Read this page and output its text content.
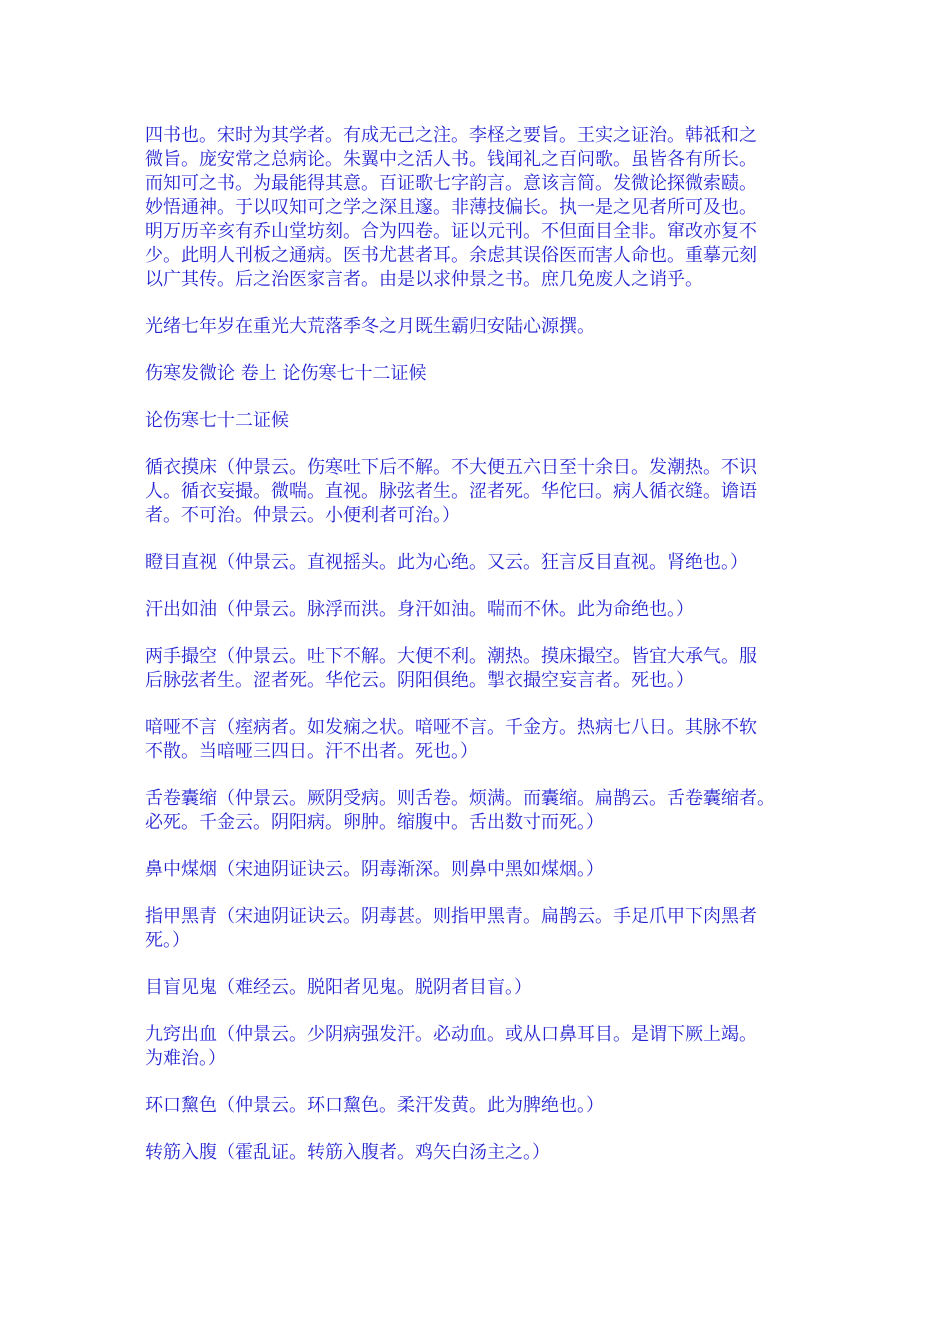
四书也。宋时为其学者。有成无己之注。李柽之要旨。王实之证治。韩祗和之
微旨。庞安常之总病论。朱翼中之活人书。钱闻礼之百问歌。虽皆各有所长。
而知可之书。为最能得其意。百证歌七字韵言。意该言简。发微论探微索赜。
妙悟通神。于以叹知可之学之深且邃。非薄技偏长。执一是之见者所可及也。
明万历辛亥有乔山堂坊刻。合为四卷。证以元刊。不但面目全非。窜改亦复不
少。此明人刊板之通病。医书尤甚者耳。余虑其误俗医而害人命也。重摹元刻
以广其传。后之治医家言者。由是以求仲景之书。庶几免废人之诮乎。
光绪七年岁在重光大荒落季冬之月既生霸归安陆心源撰。
伤寒发微论 卷上 论伤寒七十二证候
论伤寒七十二证候
循衣摸床（仲景云。伤寒吐下后不解。不大便五六日至十余日。发潮热。不识
人。循衣妄撮。微喘。直视。脉弦者生。涩者死。华佗曰。病人循衣缝。谵语
者。不可治。仲景云。小便利者可治。）
瞪目直视（仲景云。直视摇头。此为心绝。又云。狂言反目直视。肾绝也。）
汗出如油（仲景云。脉浮而洪。身汗如油。喘而不休。此为命绝也。）
两手撮空（仲景云。吐下不解。大便不利。潮热。摸床撮空。皆宜大承气。服
后脉弦者生。涩者死。华佗云。阴阳俱绝。掣衣撮空妄言者。死也。）
喑哑不言（痓病者。如发痫之状。喑哑不言。千金方。热病七八日。其脉不软
不散。当喑哑三四日。汗不出者。死也。）
舌卷囊缩（仲景云。厥阴受病。则舌卷。烦满。而囊缩。扁鹊云。舌卷囊缩者。
必死。千金云。阴阳病。卵肿。缩腹中。舌出数寸而死。）
鼻中煤烟（宋迪阴证诀云。阴毒渐深。则鼻中黑如煤烟。）
指甲黑青（宋迪阴证诀云。阴毒甚。则指甲黑青。扁鹊云。手足爪甲下肉黑者
死。）
目盲见鬼（难经云。脱阳者见鬼。脱阴者目盲。）
九窍出血（仲景云。少阴病强发汗。必动血。或从口鼻耳目。是谓下厥上竭。
为难治。）
环口黧色（仲景云。环口黧色。柔汗发黄。此为脾绝也。）
转筋入腹（霍乱证。转筋入腹者。鸡矢白汤主之。）
